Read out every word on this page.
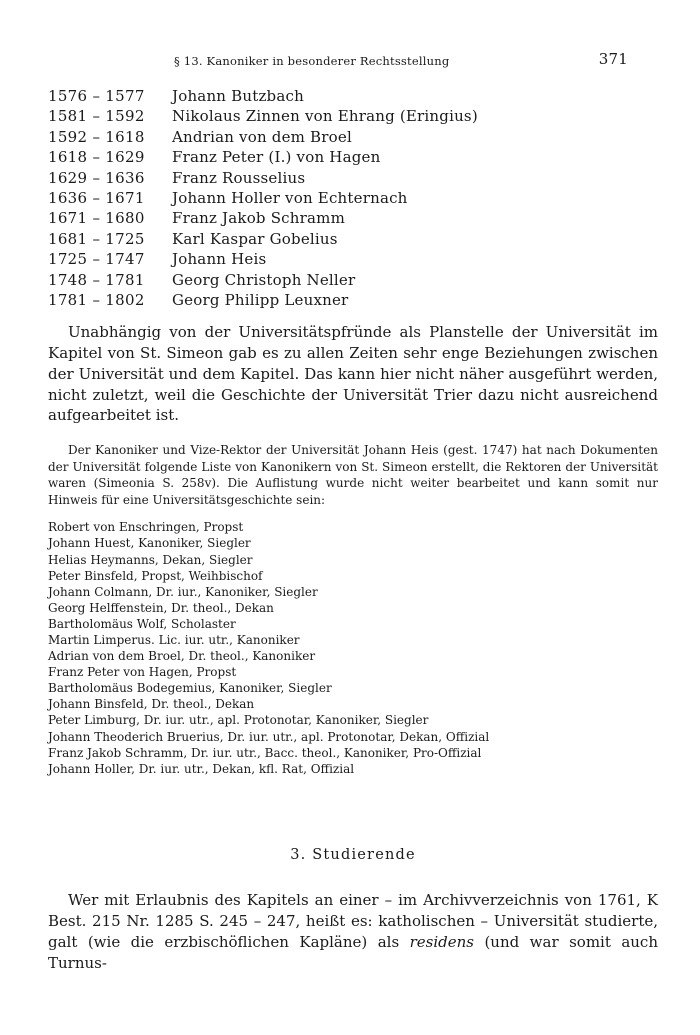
§ 13. Kanoniker in besonderer Rechtsstellung	371
1576 – 1577	Johann Butzbach
1581 – 1592	Nikolaus Zinnen von Ehrang (Eringius)
1592 – 1618	Andrian von dem Broel
1618 – 1629	Franz Peter (I.) von Hagen
1629 – 1636	Franz Rousselius
1636 – 1671	Johann Holler von Echternach
1671 – 1680	Franz Jakob Schramm
1681 – 1725	Karl Kaspar Gobelius
1725 – 1747	Johann Heis
1748 – 1781	Georg Christoph Neller
1781 – 1802	Georg Philipp Leuxner

Unabhängig von der Universitätspfründe als Planstelle der Universität im Kapitel von St. Simeon gab es zu allen Zeiten sehr enge Beziehungen zwischen der Universität und dem Kapitel. Das kann hier nicht näher ausgeführt werden, nicht zuletzt, weil die Geschichte der Universität Trier dazu nicht ausreichend aufgearbeitet ist.

Der Kanoniker und Vize-Rektor der Universität Johann Heis (gest. 1747) hat nach Dokumenten der Universität folgende Liste von Kanonikern von St. Simeon erstellt, die Rektoren der Universität waren (Simeonia S. 258v). Die Auflistung wurde nicht weiter bearbeitet und kann somit nur Hinweis für eine Universitätsgeschichte sein:

Robert von Enschringen, Propst
Johann Huest, Kanoniker, Siegler
Helias Heymanns, Dekan, Siegler
Peter Binsfeld, Propst, Weihbischof
Johann Colmann, Dr. iur., Kanoniker, Siegler
Georg Helffenstein, Dr. theol., Dekan
Bartholomäus Wolf, Scholaster
Martin Limperus. Lic. iur. utr., Kanoniker
Adrian von dem Broel, Dr. theol., Kanoniker
Franz Peter von Hagen, Propst
Bartholomäus Bodegemius, Kanoniker, Siegler
Johann Binsfeld, Dr. theol., Dekan
Peter Limburg, Dr. iur. utr., apl. Protonotar, Kanoniker, Siegler
Johann Theoderich Bruerius, Dr. iur. utr., apl. Protonotar, Dekan, Offizial
Franz Jakob Schramm, Dr. iur. utr., Bacc. theol., Kanoniker, Pro-Offizial
Johann Holler, Dr. iur. utr., Dekan, kfl. Rat, Offizial
3. Studierende

Wer mit Erlaubnis des Kapitels an einer – im Archivverzeichnis von 1761, K Best. 215 Nr. 1285 S. 245 – 247, heißt es: katholischen – Universität studierte, galt (wie die erzbischöflichen Kapläne) als residens (und war somit auch Turnus-
